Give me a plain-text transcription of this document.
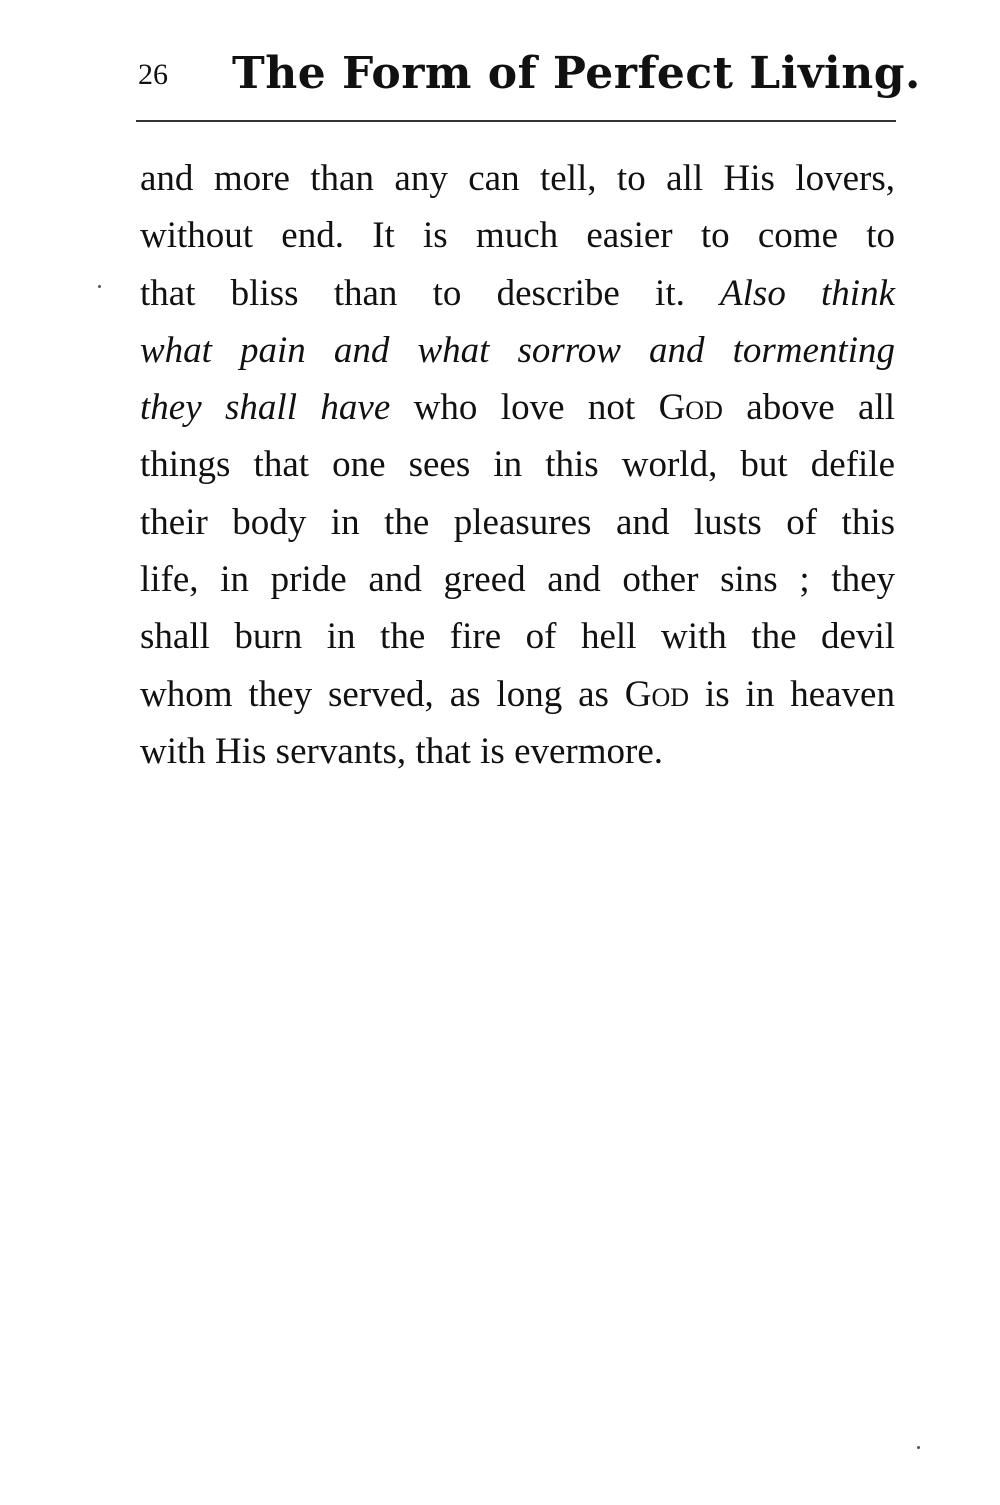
26 The Form of Perfect Living.
and more than any can tell, to all His lovers,
without end. It is much easier to come to
that bliss than to describe it. Also think
what pain and what sorrow and tormenting
they shall have who love not God above all
things that one sees in this world, but defile
their body in the pleasures and lusts of this
life, in pride and greed and other sins ; they
shall burn in the fire of hell with the devil
whom they served, as long as God is in heaven
with His servants, that is evermore.
